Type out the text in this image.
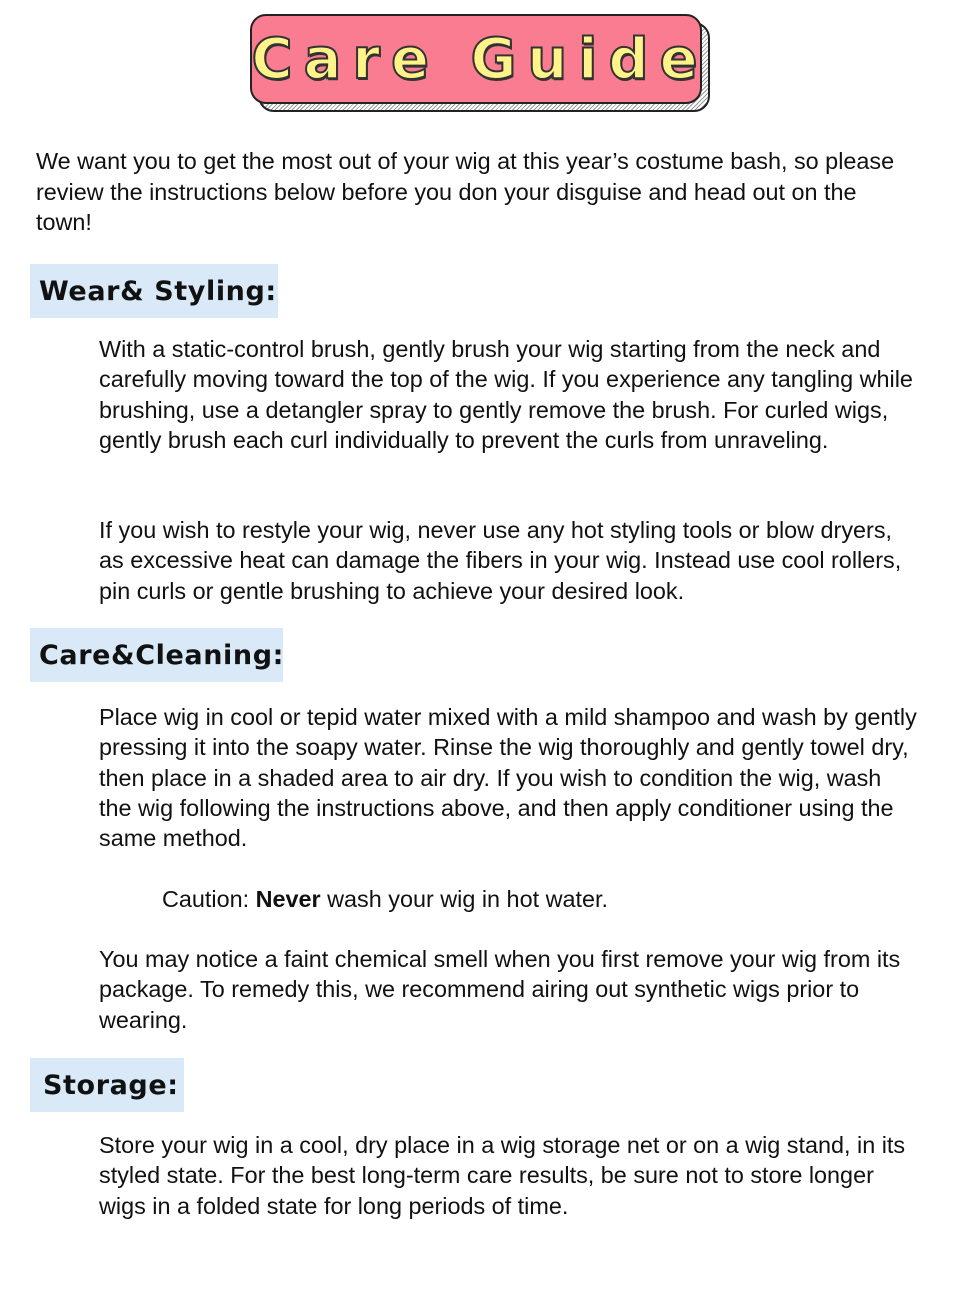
Care Guide

We want you to get the most out of your wig at this year’s costume bash, so please review the instructions below before you don your disguise and head out on the town!

Wear& Styling:

With a static-control brush, gently brush your wig starting from the neck and carefully moving toward the top of the wig. If you experience any tangling while brushing, use a detangler spray to gently remove the brush. For curled wigs, gently brush each curl individually to prevent the curls from unraveling.

If you wish to restyle your wig, never use any hot styling tools or blow dryers, as excessive heat can damage the fibers in your wig. Instead use cool rollers, pin curls or gentle brushing to achieve your desired look.

Care&Cleaning:

Place wig in cool or tepid water mixed with a mild shampoo and wash by gently pressing it into the soapy water. Rinse the wig thoroughly and gently towel dry, then place in a shaded area to air dry. If you wish to condition the wig, wash the wig following the instructions above, and then apply conditioner using the same method.

Caution: Never wash your wig in hot water.

You may notice a faint chemical smell when you first remove your wig from its package. To remedy this, we recommend airing out synthetic wigs prior to wearing.

Storage:

Store your wig in a cool, dry place in a wig storage net or on a wig stand, in its styled state. For the best long-term care results, be sure not to store longer wigs in a folded state for long periods of time.
